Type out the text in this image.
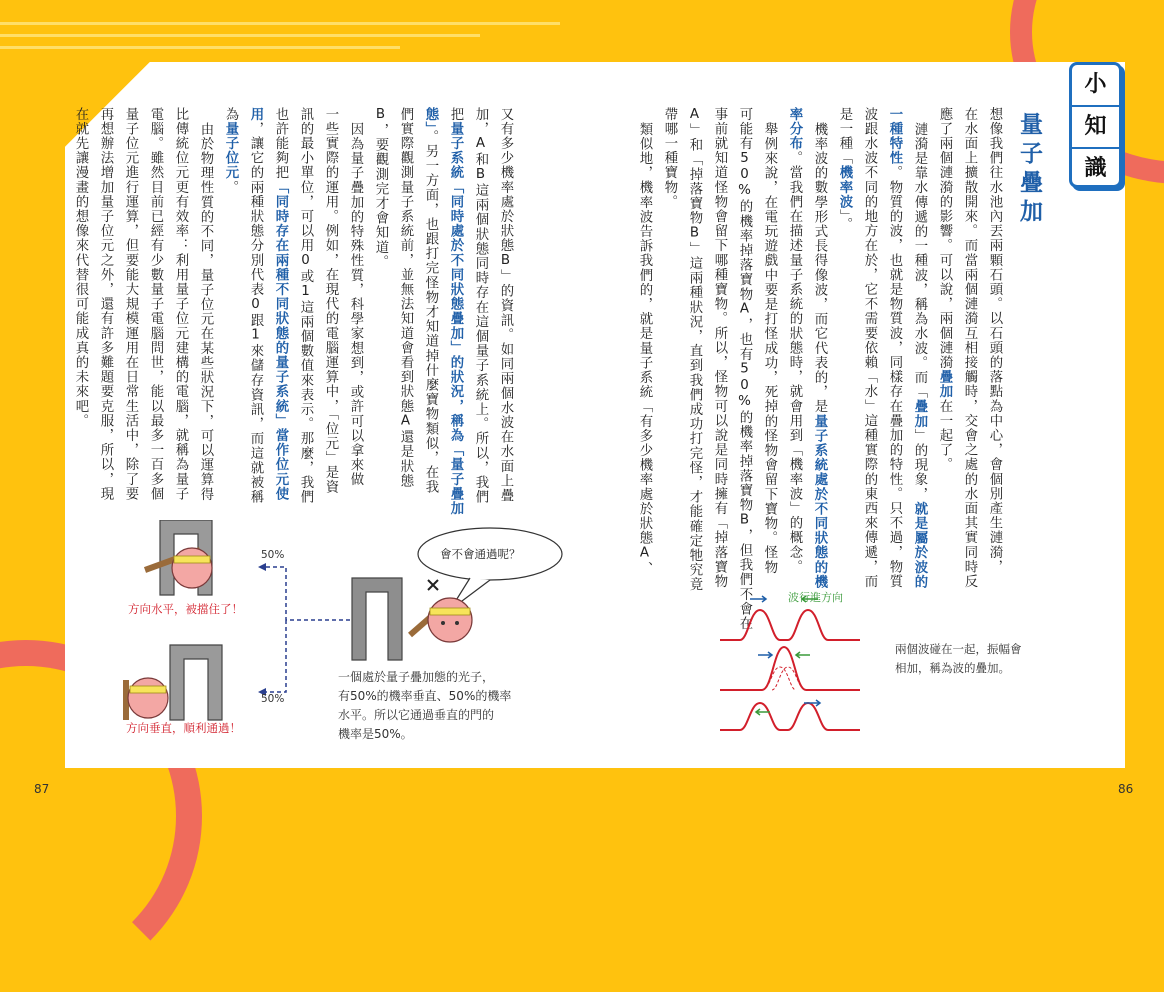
小
知
識
量子疊加
想像我們往水池內丟兩顆石頭。以石頭的落點為中心，會個別產生漣漪，
在水面上擴散開來。而當兩個漣漪互相接觸時，交會之處的水面其實同時反
應了兩個漣漪的影響。可以說，兩個漣漪疊加在一起了。
漣漪是靠水傳遞的一種波，稱為水波。而「疊加」的現象，就是屬於波的
一種特性。物質的波，也就是物質波，同樣存在疊加的特性。只不過，物質
波跟水波不同的地方在於，它不需要依賴「水」這種實際的東西來傳遞，而
是一種「機率波」。
機率波的數學形式長得像波，而它代表的，是量子系統處於不同狀態的機
率分布。當我們在描述量子系統的狀態時，就會用到「機率波」的概念。
舉例來說，在電玩遊戲中要是打怪成功，死掉的怪物會留下寶物。怪物
可能有50%的機率掉落寶物A，也有50%的機率掉落寶物B，但我們不會在
事前就知道怪物會留下哪種寶物。所以，怪物可以說是同時擁有「掉落寶物
A」和「掉落寶物B」這兩種狀況，直到我們成功打完怪，才能確定牠究竟
帶哪一種寶物。
類似地，機率波告訴我們的，就是量子系統「有多少機率處於狀態A、
又有多少機率處於狀態B」的資訊。如同兩個水波在水面上疊
加，A和B這兩個狀態同時存在這個量子系統上。所以，我們
把量子系統「同時處於不同狀態疊加」的狀況，稱為「量子疊加
態」。另一方面，也跟打完怪物才知道掉什麼寶物類似，在我
們實際觀測量子系統前，並無法知道會看到狀態A還是狀態
B，要觀測完才會知道。
因為量子疊加的特殊性質，科學家想到，或許可以拿來做
一些實際的運用。例如，在現代的電腦運算中，「位元」是資
訊的最小單位，可以用0或1這兩個數值來表示。那麼，我們
也許能夠把「同時存在兩種不同狀態的量子系統」當作位元使
用，讓它的兩種狀態分別代表0跟1來儲存資訊，而這就被稱
為量子位元。
由於物理性質的不同，量子位元在某些狀況下，可以運算得
比傳統位元更有效率：利用量子位元建構的電腦，就稱為量子
電腦。雖然目前已經有少數量子電腦問世，能以最多一百多個
量子位元進行運算，但要能大規模運用在日常生活中，除了要
再想辦法增加量子位元之外，還有許多難題要克服，所以，現
在就先讓漫畫的想像來代替很可能成真的未來吧。
波行進方向
兩個波碰在一起，振幅會
相加，稱為波的疊加。
會不會通過呢？
50%
50%
方向水平，被擋住了！
方向垂直，順利通過！
一個處於量子疊加態的光子，
有50%的機率垂直、50%的機率
水平。所以它通過垂直的門的
機率是50%。
87	86
